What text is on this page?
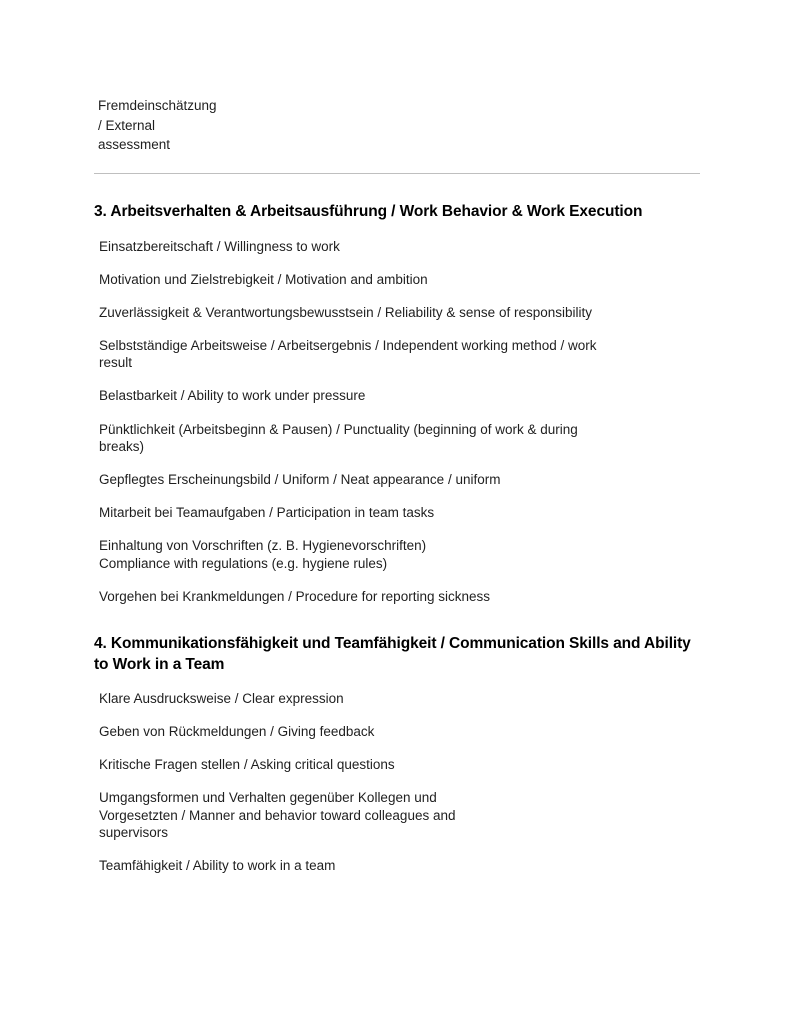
Fremdeinschätzung
/ External
assessment

3. Arbeitsverhalten & Arbeitsausführung / Work Behavior & Work Execution
Einsatzbereitschaft / Willingness to work
Motivation und Zielstrebigkeit / Motivation and ambition
Zuverlässigkeit & Verantwortungsbewusstsein / Reliability & sense of responsibility
Selbstständige Arbeitsweise / Arbeitsergebnis / Independent working method / work result
Belastbarkeit / Ability to work under pressure
Pünktlichkeit (Arbeitsbeginn & Pausen) / Punctuality (beginning of work & during breaks)
Gepflegtes Erscheinungsbild / Uniform / Neat appearance / uniform
Mitarbeit bei Teamaufgaben / Participation in team tasks
Einhaltung von Vorschriften (z. B. Hygienevorschriften)
Compliance with regulations (e.g. hygiene rules)
Vorgehen bei Krankmeldungen / Procedure for reporting sickness
4. Kommunikationsfähigkeit und Teamfähigkeit / Communication Skills and Ability to Work in a Team
Klare Ausdrucksweise / Clear expression
Geben von Rückmeldungen / Giving feedback
Kritische Fragen stellen / Asking critical questions
Umgangsformen und Verhalten gegenüber Kollegen und Vorgesetzten / Manner and behavior toward colleagues and supervisors
Teamfähigkeit / Ability to work in a team
